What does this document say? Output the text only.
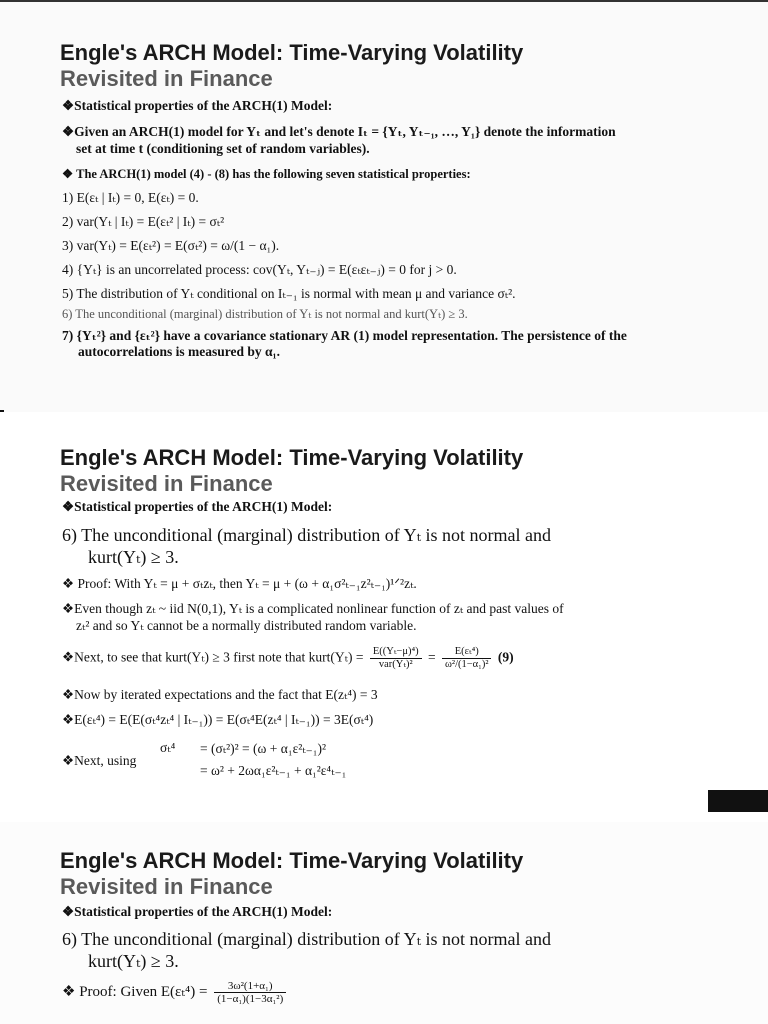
Engle's ARCH Model: Time-Varying Volatility
Revisited in Finance
❖Statistical properties of the ARCH(1) Model:
❖Given an ARCH(1) model for Yₜ and let's denote Iₜ = {Yₜ, Yₜ₋₁, …, Y₁} denote the information
set at time t (conditioning set of random variables).
❖ The ARCH(1) model (4) - (8) has the following seven statistical properties:
1) E(εₜ | Iₜ) = 0, E(εₜ) = 0.
2) var(Yₜ | Iₜ) = E(εₜ² | Iₜ) = σₜ²
3) var(Yₜ) = E(εₜ²) = E(σₜ²) = ω/(1 − α₁).
4) {Yₜ} is an uncorrelated process: cov(Yₜ, Yₜ₋ⱼ) = E(εₜεₜ₋ⱼ) = 0 for j > 0.
5) The distribution of Yₜ conditional on Iₜ₋₁ is normal with mean μ and variance σₜ².
6) The unconditional (marginal) distribution of Yₜ is not normal and kurt(Yₜ) ≥ 3.
7) {Yₜ²} and {εₜ²} have a covariance stationary AR (1) model representation. The persistence of the
autocorrelations is measured by α₁.
Engle's ARCH Model: Time-Varying Volatility
Revisited in Finance
❖Statistical properties of the ARCH(1) Model:
6) The unconditional (marginal) distribution of Yₜ is not normal and
kurt(Yₜ) ≥ 3.
❖ Proof: With Yₜ = μ + σₜzₜ, then Yₜ = μ + (ω + α₁σ²ₜ₋₁z²ₜ₋₁)¹ᐟ²zₜ.
❖Even though zₜ ~ iid N(0,1), Yₜ is a complicated nonlinear function of zₜ and past values of
zₜ² and so Yₜ cannot be a normally distributed random variable.
❖Next, to see that kurt(Yₜ) ≥ 3 first note that kurt(Yₜ) = $\frac{\text{E((Yₜ−μ)⁴)}}{\text{var(Yₜ)²}} = \frac{\text{E(εₜ⁴)}}{\text{ω²/(1−α₁)²}} (9)$
❖Now by iterated expectations and the fact that E(zₜ⁴) = 3
❖E(εₜ⁴) = E(E(σₜ⁴zₜ⁴ | Iₜ₋₁)) = E(σₜ⁴E(zₜ⁴ | Iₜ₋₁)) = 3E(σₜ⁴)
❖Next, using
σₜ⁴ = (σₜ²)² = (ω + α₁ε²ₜ₋₁)²
= ω² + 2ωα₁ε²ₜ₋₁ + α₁²ε⁴ₜ₋₁
Engle's ARCH Model: Time-Varying Volatility
Revisited in Finance
❖Statistical properties of the ARCH(1) Model:
6) The unconditional (marginal) distribution of Yₜ is not normal and
kurt(Yₜ) ≥ 3.
❖ Proof: Given $E(\varepsilon_t^4) = \frac{\text{3ω²(1+α₁)}}{\text{(1−α₁)(1−3α₁²)}}$
